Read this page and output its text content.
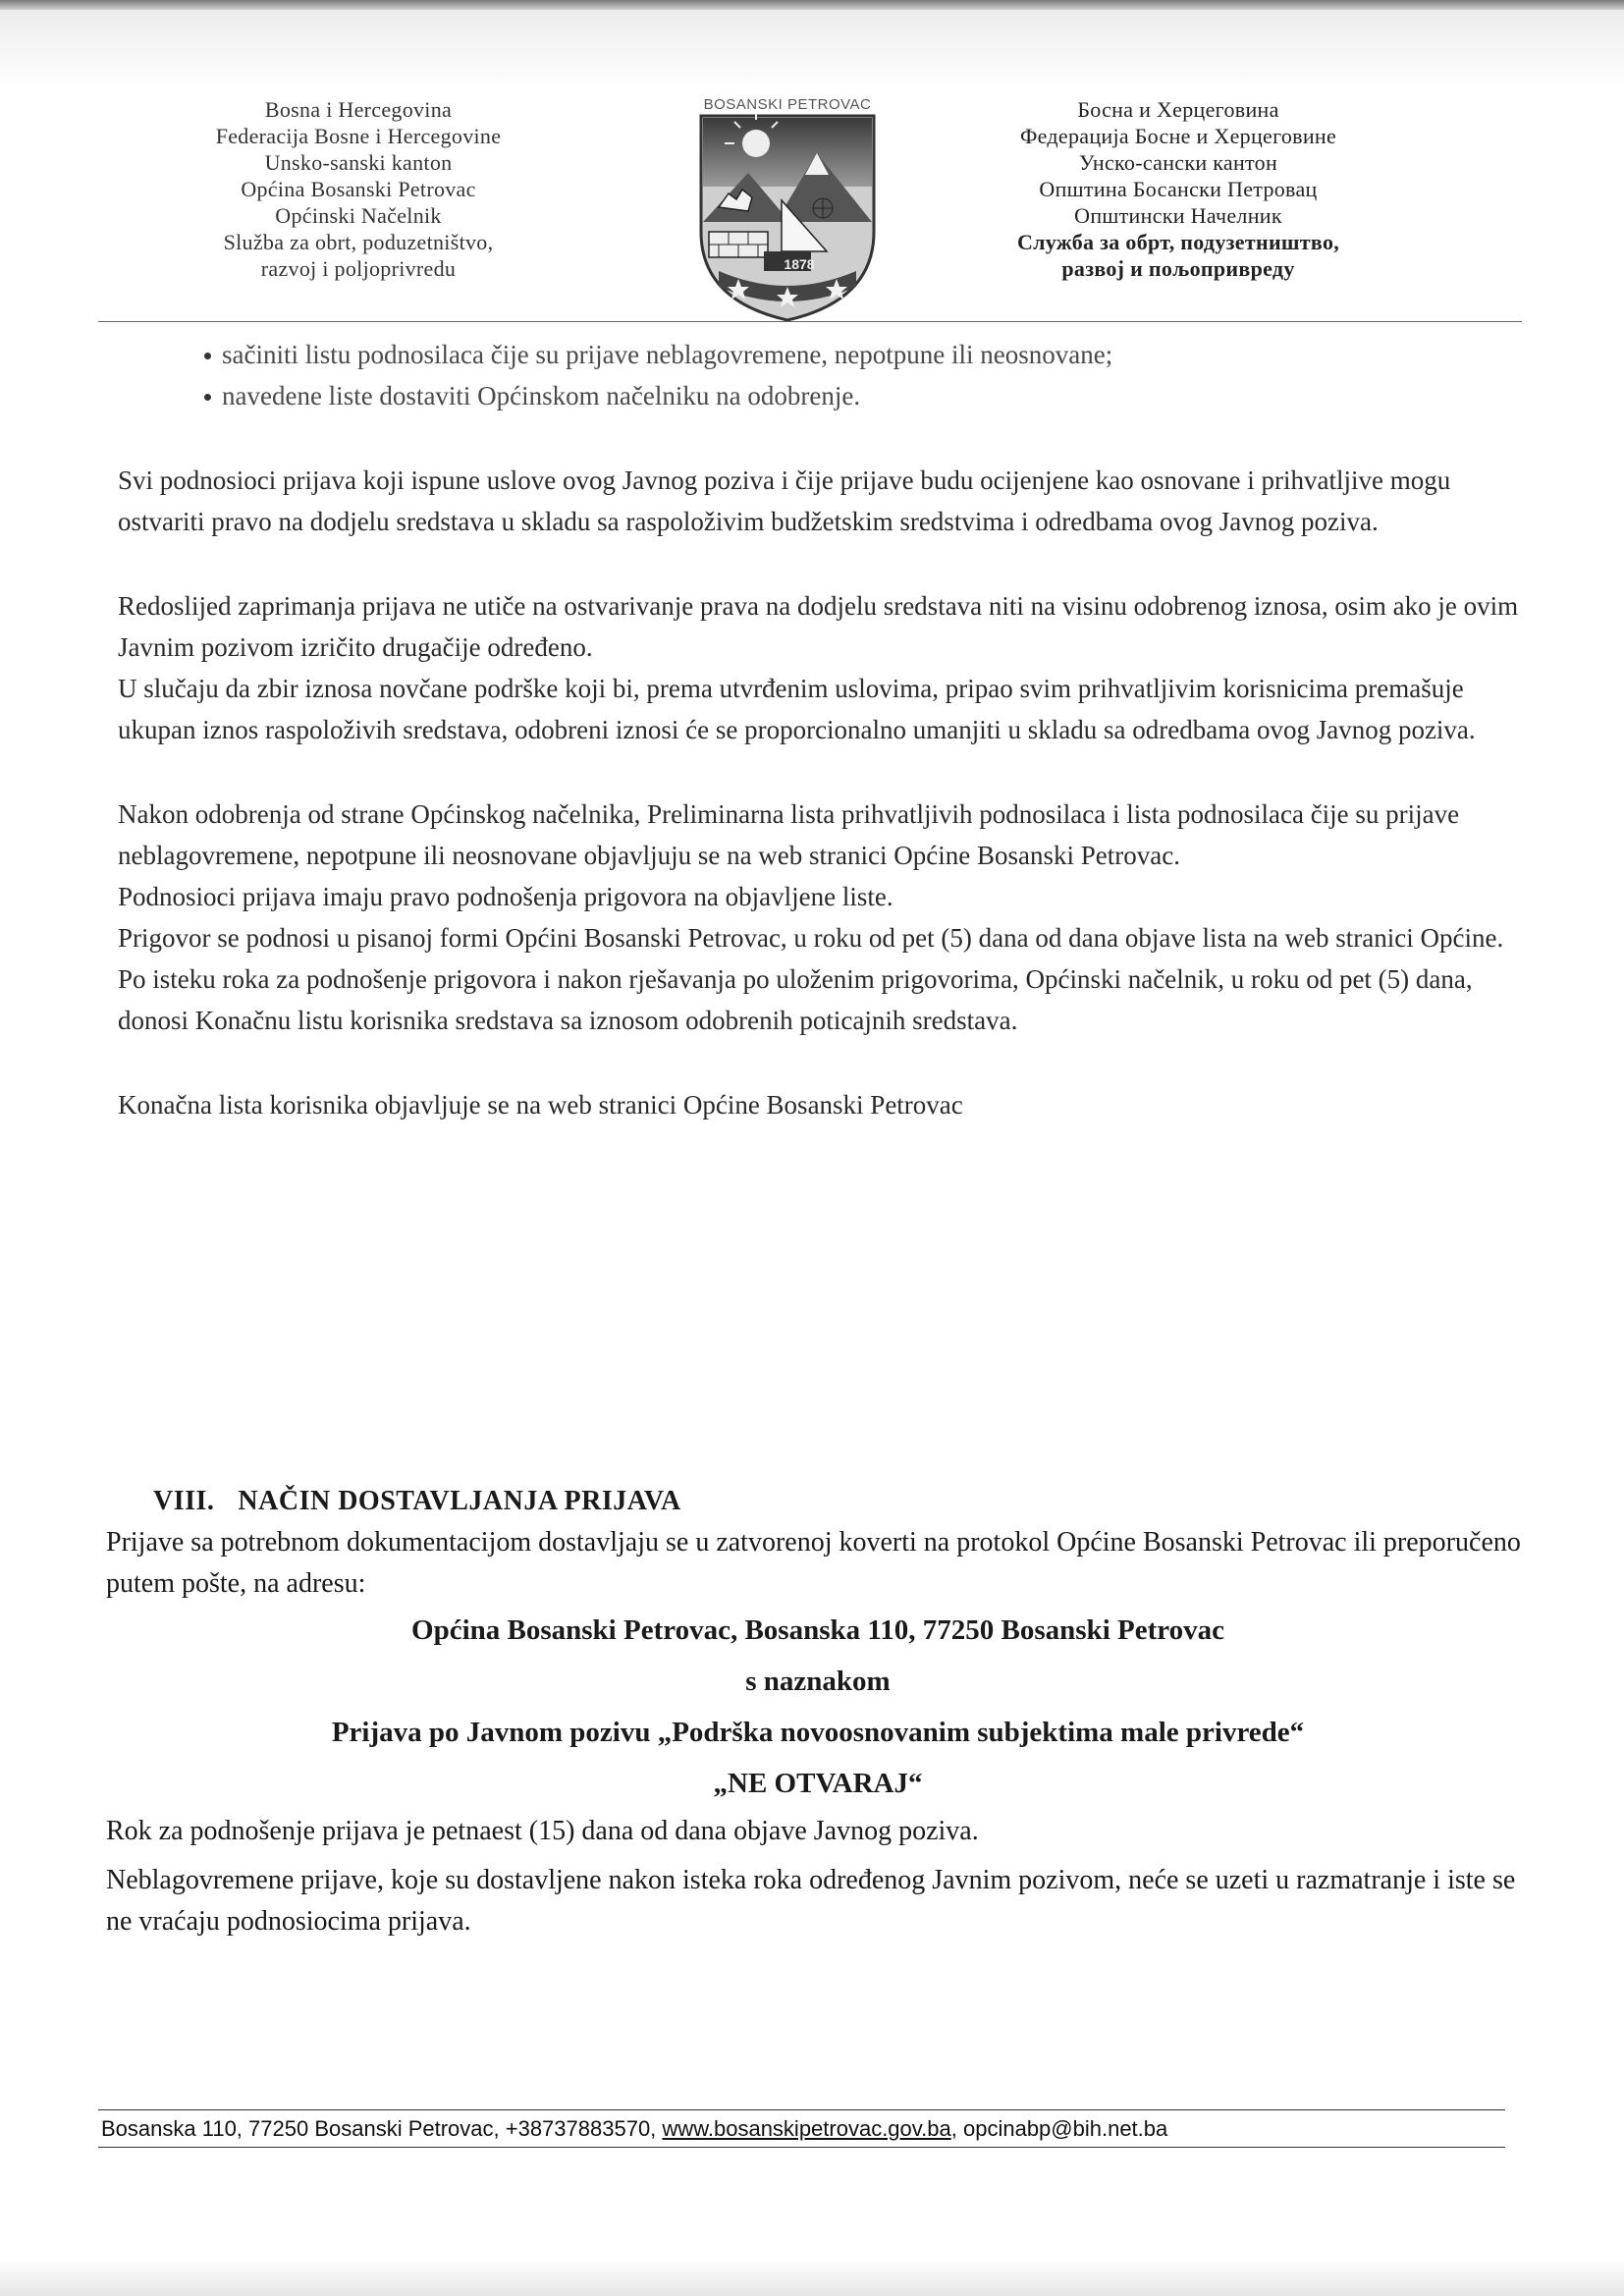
Bosna i Hercegovina
Federacija Bosne i Hercegovine
Unsko-sanski kanton
Općina Bosanski Petrovac
Općinski Načelnik
Služba za obrt, poduzetništvo,
razvoj i poljoprivredu
BOSANSKI PETROVAC
1878
Босна и Херцеговина
Федерација Босне и Херцеговине
Унско-сански кантон
Општина Босански Петровац
Општински Начелник
Служба за обрт, подузетништво,
развој и пољопривреду
sačiniti listu podnosilaca čije su prijave neblagovremene, nepotpune ili neosnovane;
navedene liste dostaviti Općinskom načelniku na odobrenje.

Svi podnosioci prijava koji ispune uslove ovog Javnog poziva i čije prijave budu ocijenjene kao osnovane i prihvatljive mogu ostvariti pravo na dodjelu sredstava u skladu sa raspoloživim budžetskim sredstvima i odredbama ovog Javnog poziva.

Redoslijed zaprimanja prijava ne utiče na ostvarivanje prava na dodjelu sredstava niti na visinu odobrenog iznosa, osim ako je ovim Javnim pozivom izričito drugačije određeno.

U slučaju da zbir iznosa novčane podrške koji bi, prema utvrđenim uslovima, pripao svim prihvatljivim korisnicima premašuje ukupan iznos raspoloživih sredstava, odobreni iznosi će se proporcionalno umanjiti u skladu sa odredbama ovog Javnog poziva.

Nakon odobrenja od strane Općinskog načelnika, Preliminarna lista prihvatljivih podnosilaca i lista podnosilaca čije su prijave neblagovremene, nepotpune ili neosnovane objavljuju se na web stranici Općine Bosanski Petrovac.

Podnosioci prijava imaju pravo podnošenja prigovora na objavljene liste.

Prigovor se podnosi u pisanoj formi Općini Bosanski Petrovac, u roku od pet (5) dana od dana objave lista na web stranici Općine.

Po isteku roka za podnošenje prigovora i nakon rješavanja po uloženim prigovorima, Općinski načelnik, u roku od pet (5) dana, donosi Konačnu listu korisnika sredstava sa iznosom odobrenih poticajnih sredstava.

Konačna lista korisnika objavljuje se na web stranici Općine Bosanski Petrovac

VIII. NAČIN DOSTAVLJANJA PRIJAVA

Prijave sa potrebnom dokumentacijom dostavljaju se u zatvorenoj koverti na protokol Općine Bosanski Petrovac ili preporučeno putem pošte, na adresu:

Općina Bosanski Petrovac, Bosanska 110, 77250 Bosanski Petrovac
s naznakom
Prijava po Javnom pozivu „Podrška novoosnovanim subjektima male privrede“
„NE OTVARAJ“

Rok za podnošenje prijava je petnaest (15) dana od dana objave Javnog poziva.

Neblagovremene prijave, koje su dostavljene nakon isteka roka određenog Javnim pozivom, neće se uzeti u razmatranje i iste se ne vraćaju podnosiocima prijava.

Bosanska 110, 77250 Bosanski Petrovac, +38737883570, www.bosanskipetrovac.gov.ba, opcinabp@bih.net.ba
